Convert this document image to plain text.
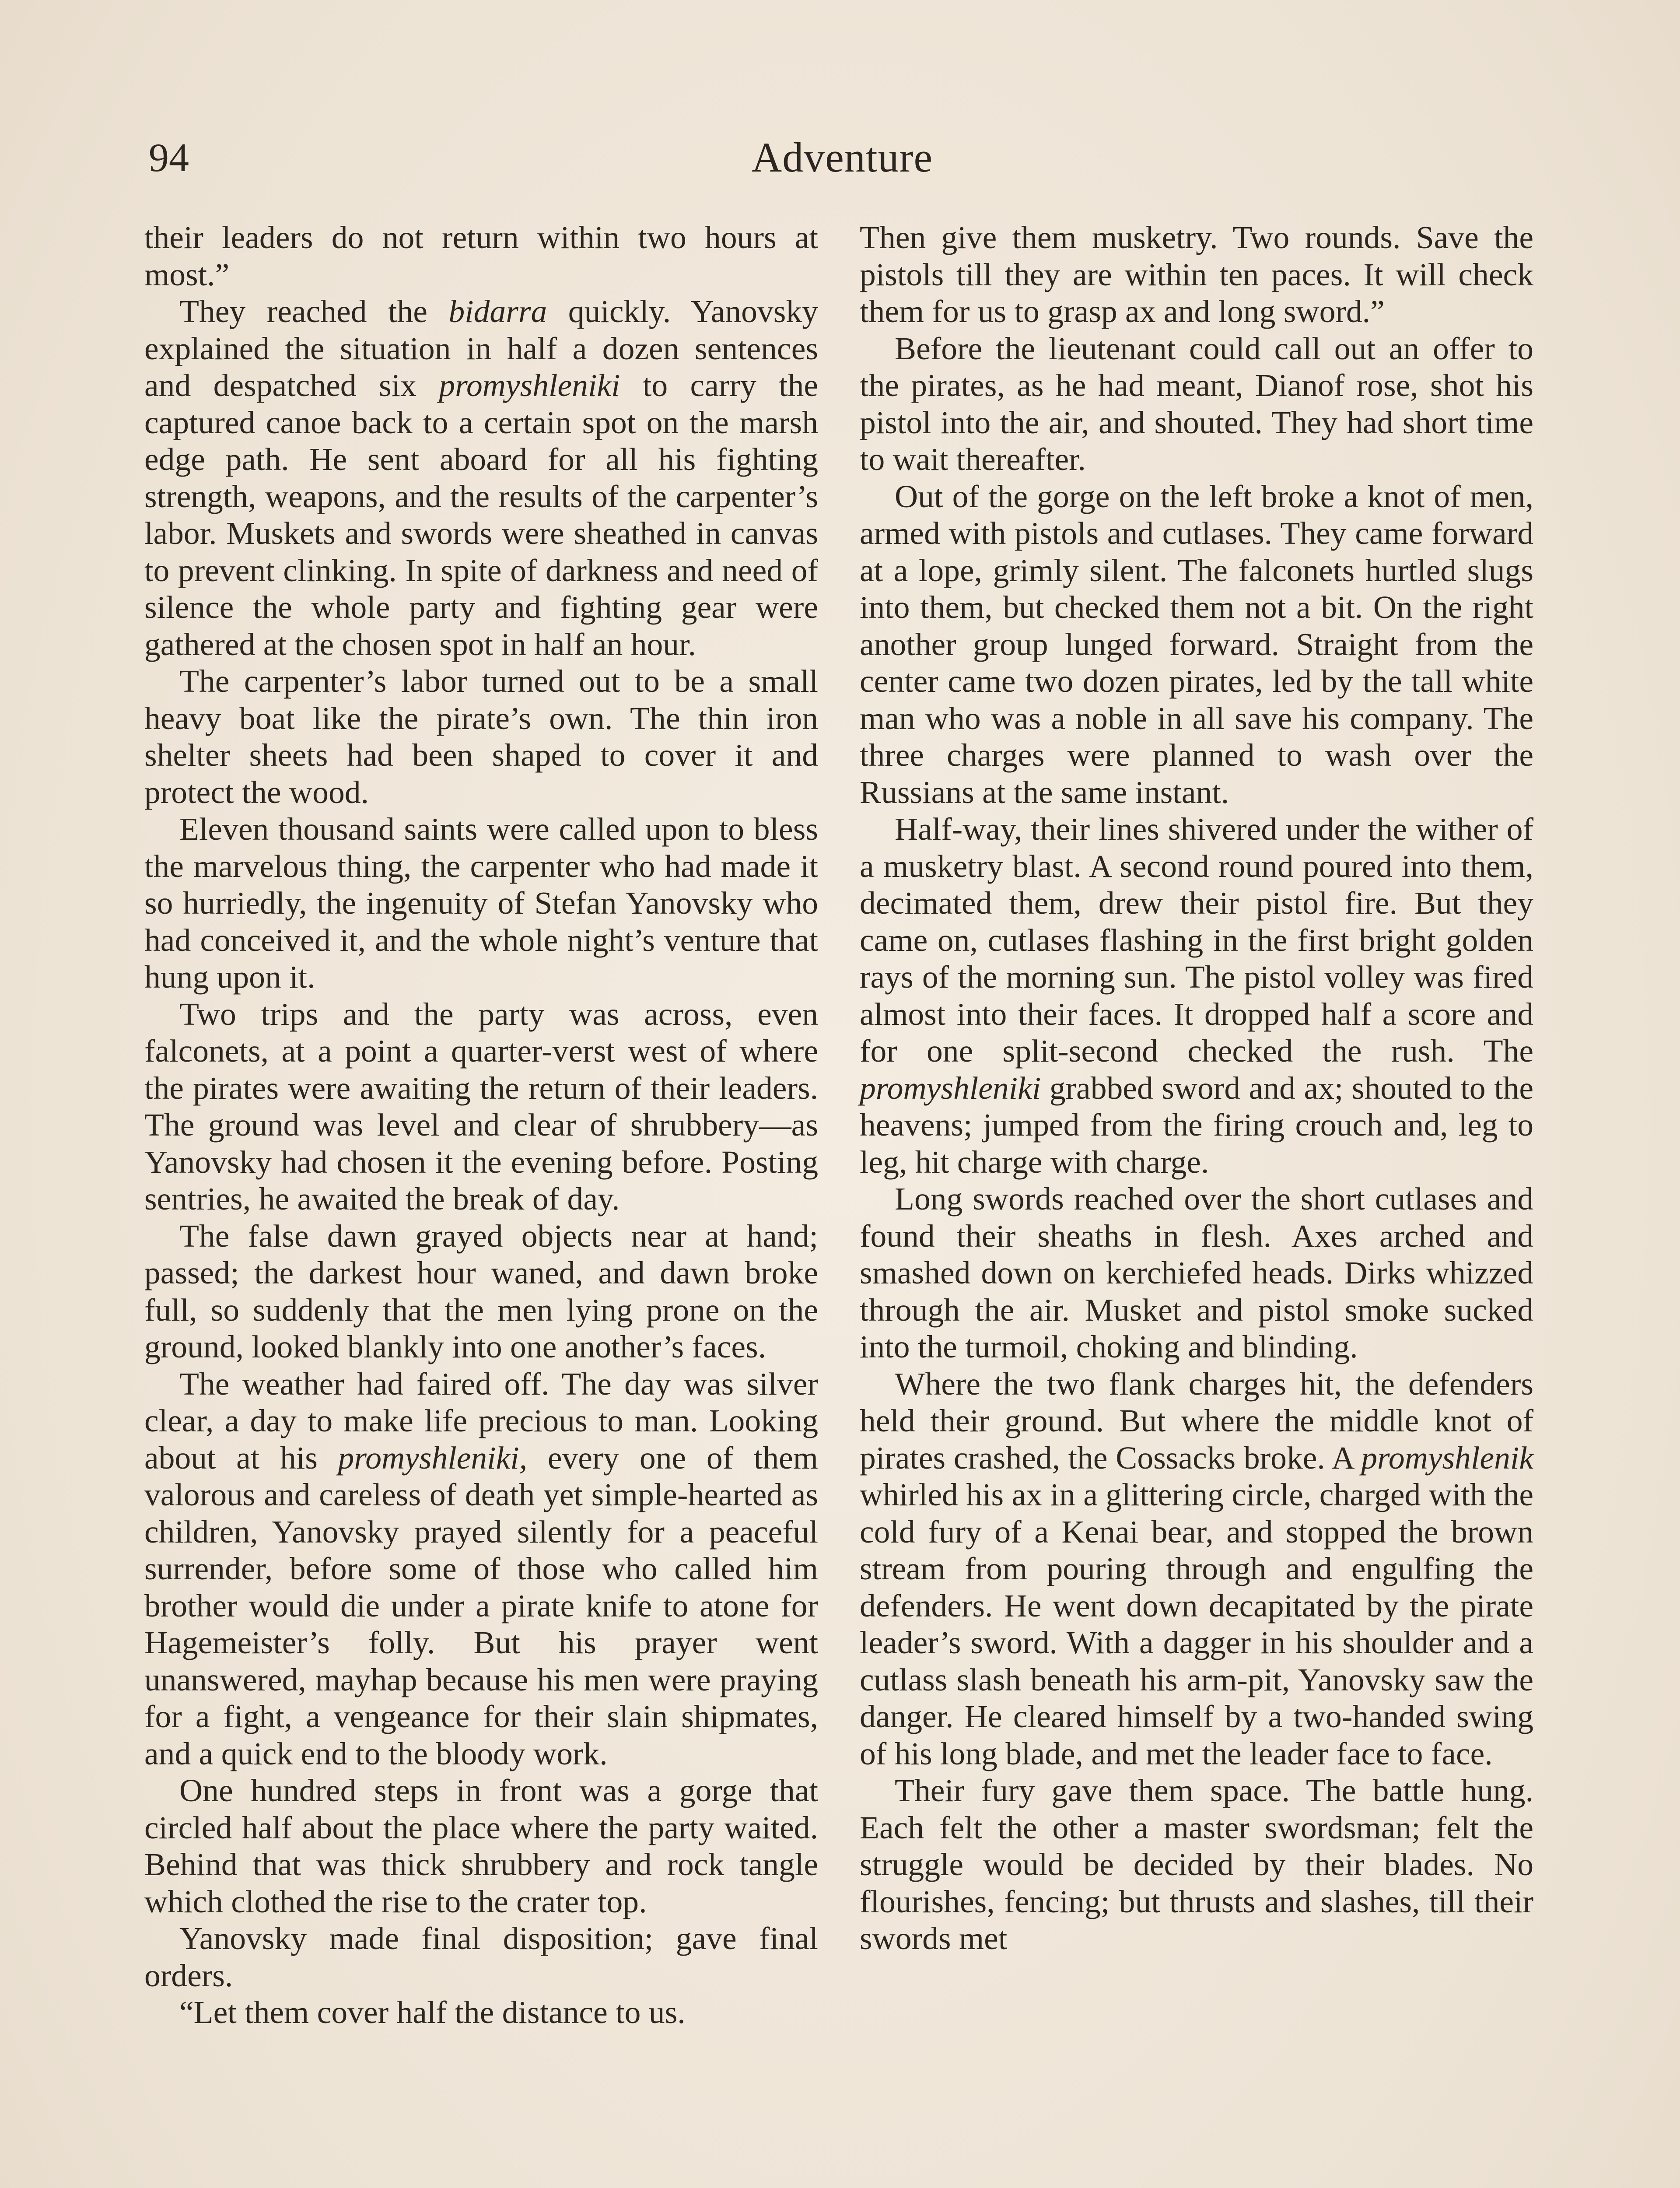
94	Adventure

their leaders do not return within two hours at most.”

They reached the bidarra quickly. Yanovsky explained the situation in half a dozen sentences and despatched six promyshleniki to carry the captured canoe back to a certain spot on the marsh edge path. He sent aboard for all his fighting strength, weapons, and the results of the carpenter’s labor. Muskets and swords were sheathed in canvas to prevent clinking. In spite of darkness and need of silence the whole party and fighting gear were gathered at the chosen spot in half an hour.

The carpenter’s labor turned out to be a small heavy boat like the pirate’s own. The thin iron shelter sheets had been shaped to cover it and protect the wood.

Eleven thousand saints were called upon to bless the marvelous thing, the carpenter who had made it so hurriedly, the ingenuity of Stefan Yanovsky who had conceived it, and the whole night’s venture that hung upon it.

Two trips and the party was across, even falconets, at a point a quarter-verst west of where the pirates were awaiting the return of their leaders. The ground was level and clear of shrubbery—as Yanovsky had chosen it the evening before. Posting sentries, he awaited the break of day.

The false dawn grayed objects near at hand; passed; the darkest hour waned, and dawn broke full, so suddenly that the men lying prone on the ground, looked blankly into one another’s faces.

The weather had faired off. The day was silver clear, a day to make life precious to man. Looking about at his promyshleniki, every one of them valorous and careless of death yet simple-hearted as children, Yanovsky prayed silently for a peaceful surrender, before some of those who called him brother would die under a pirate knife to atone for Hagemeister’s folly. But his prayer went unanswered, mayhap because his men were praying for a fight, a vengeance for their slain shipmates, and a quick end to the bloody work.

One hundred steps in front was a gorge that circled half about the place where the party waited. Behind that was thick shrubbery and rock tangle which clothed the rise to the crater top.

Yanovsky made final disposition; gave final orders.

“Let them cover half the distance to us.

Then give them musketry. Two rounds. Save the pistols till they are within ten paces. It will check them for us to grasp ax and long sword.”

Before the lieutenant could call out an offer to the pirates, as he had meant, Dianof rose, shot his pistol into the air, and shouted. They had short time to wait thereafter.

Out of the gorge on the left broke a knot of men, armed with pistols and cutlases. They came forward at a lope, grimly silent. The falconets hurtled slugs into them, but checked them not a bit. On the right another group lunged forward. Straight from the center came two dozen pirates, led by the tall white man who was a noble in all save his company. The three charges were planned to wash over the Russians at the same instant.

Half-way, their lines shivered under the wither of a musketry blast. A second round poured into them, decimated them, drew their pistol fire. But they came on, cutlases flashing in the first bright golden rays of the morning sun. The pistol volley was fired almost into their faces. It dropped half a score and for one split-second checked the rush. The promyshleniki grabbed sword and ax; shouted to the heavens; jumped from the firing crouch and, leg to leg, hit charge with charge.

Long swords reached over the short cutlases and found their sheaths in flesh. Axes arched and smashed down on kerchiefed heads. Dirks whizzed through the air. Musket and pistol smoke sucked into the turmoil, choking and blinding.

Where the two flank charges hit, the defenders held their ground. But where the middle knot of pirates crashed, the Cossacks broke. A promyshlenik whirled his ax in a glittering circle, charged with the cold fury of a Kenai bear, and stopped the brown stream from pouring through and engulfing the defenders. He went down decapitated by the pirate leader’s sword. With a dagger in his shoulder and a cutlass slash beneath his arm-pit, Yanovsky saw the danger. He cleared himself by a two-handed swing of his long blade, and met the leader face to face.

Their fury gave them space. The battle hung. Each felt the other a master swordsman; felt the struggle would be decided by their blades. No flourishes, fencing; but thrusts and slashes, till their swords met
